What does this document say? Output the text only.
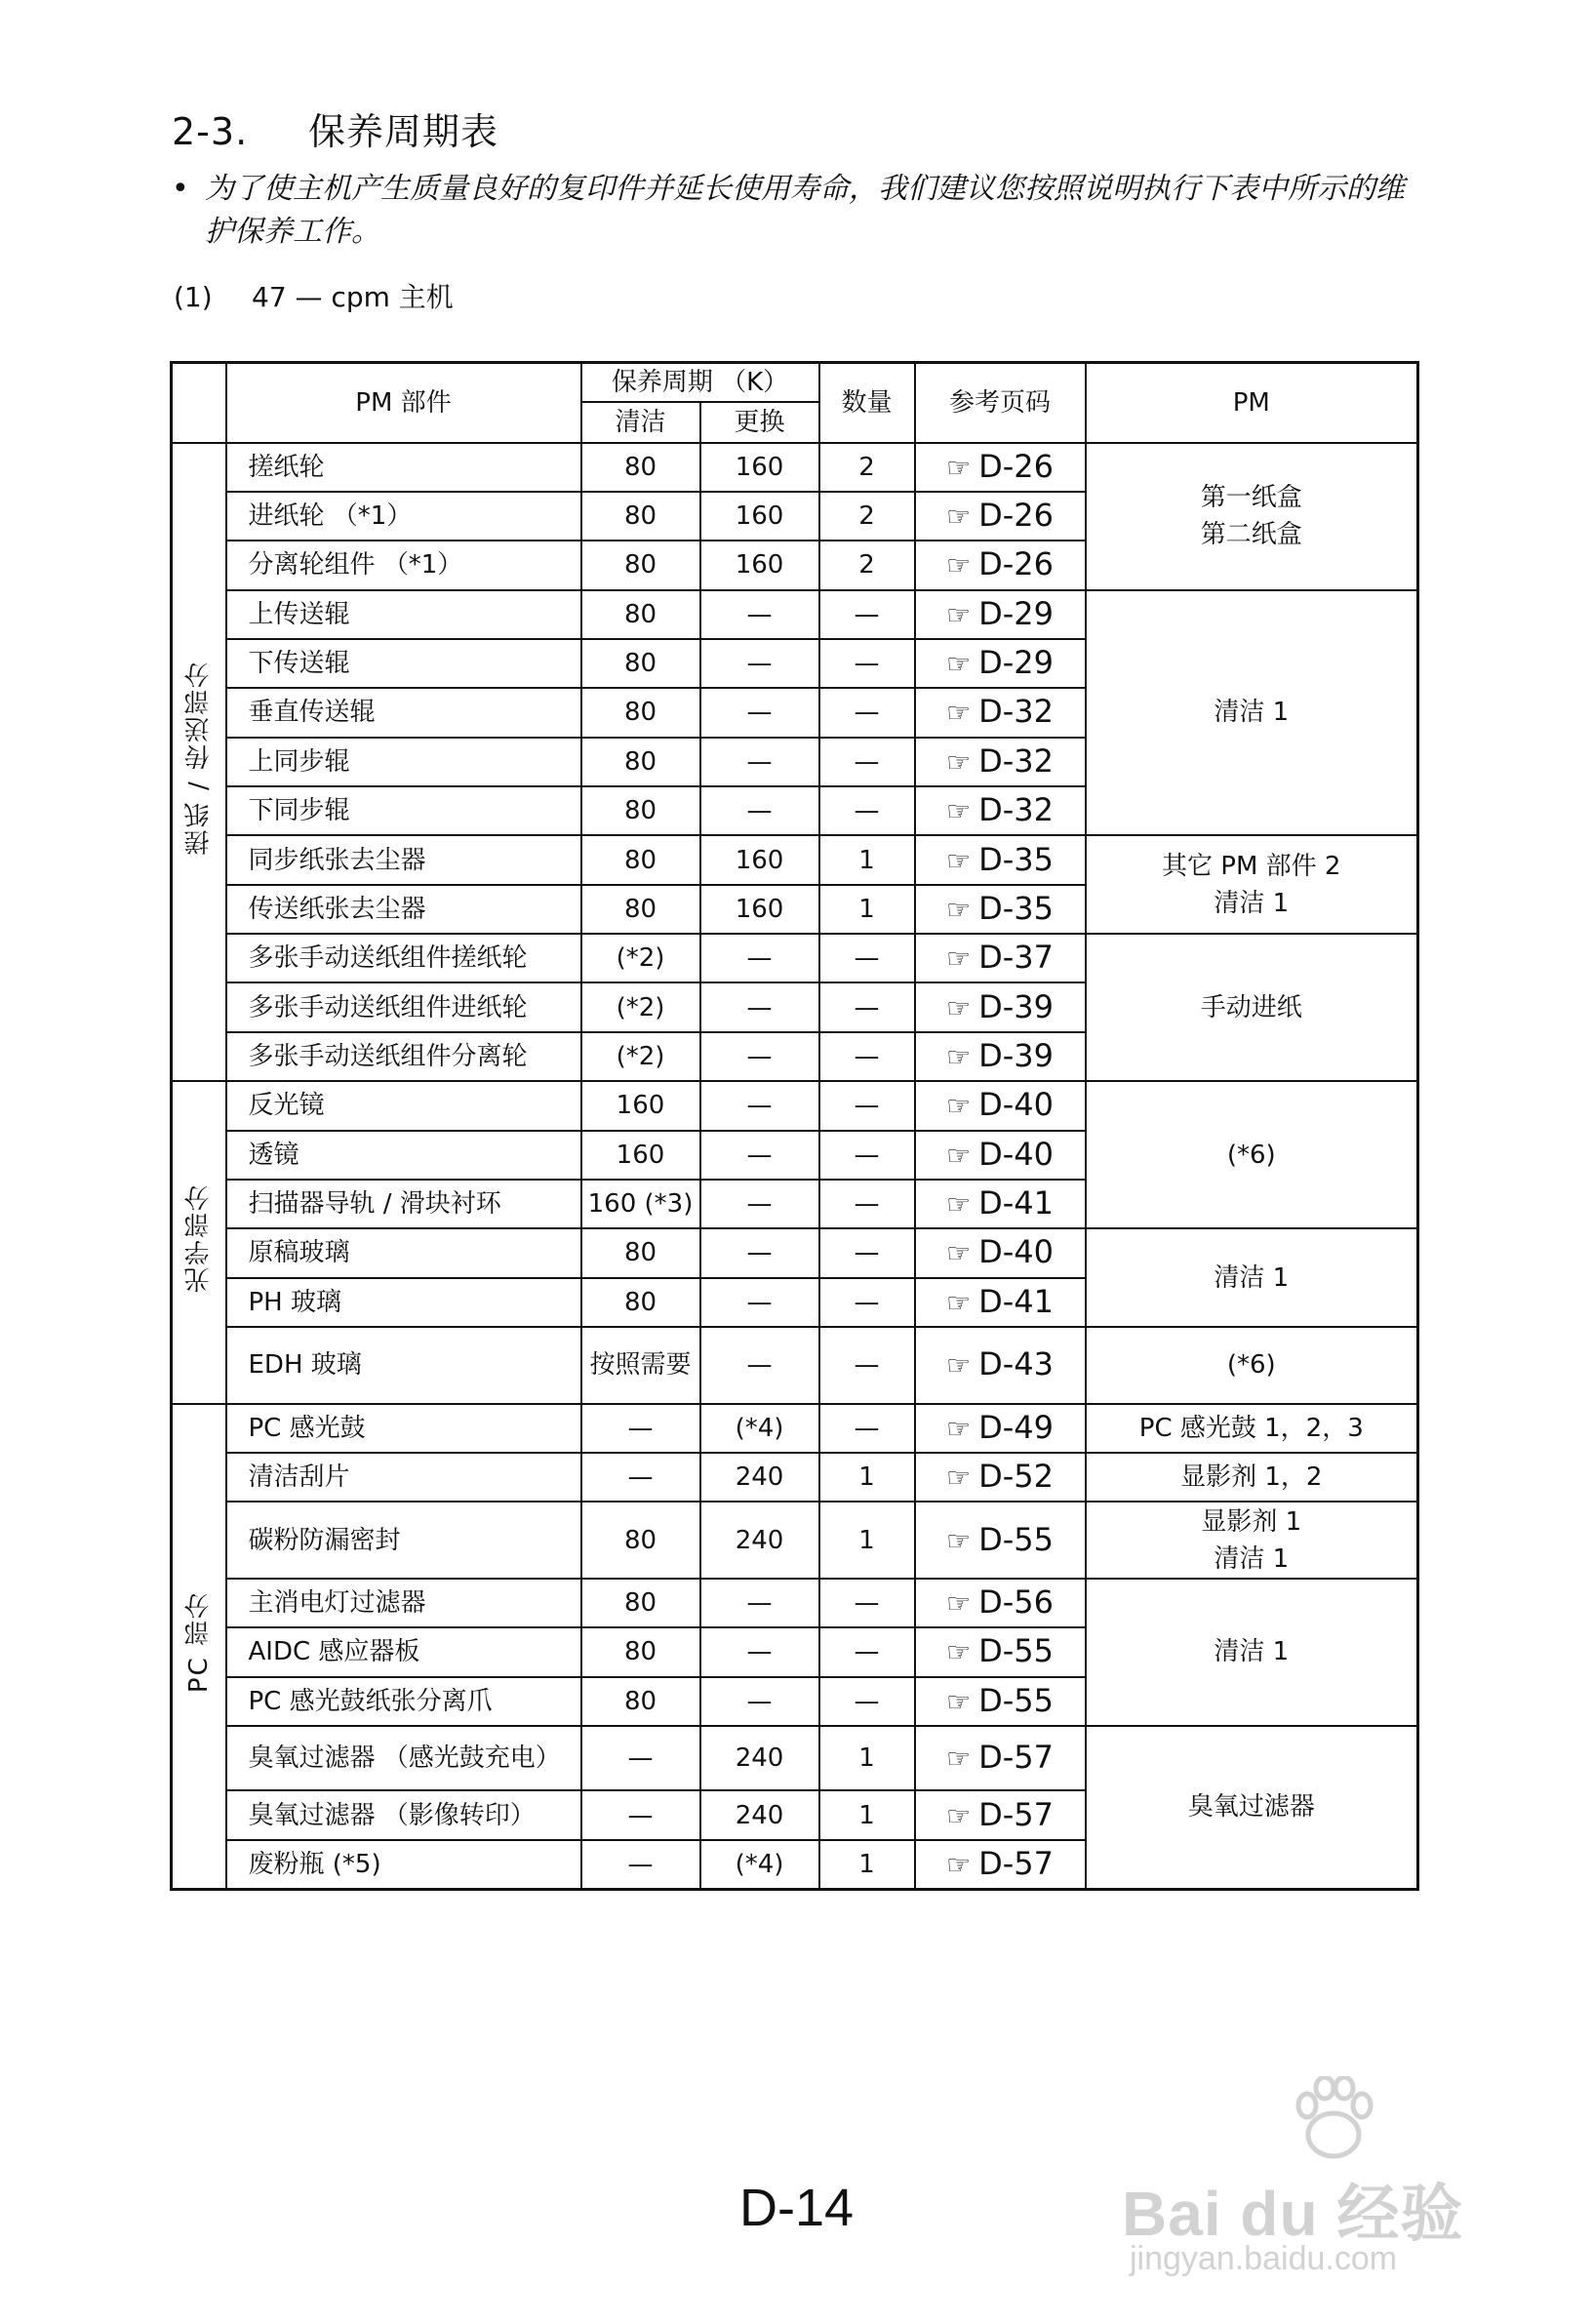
2-3. 保养周期表
• 为了使主机产生质量良好的复印件并延长使用寿命，我们建议您按照说明执行下表中所示的维护保养工作。
(1) 47 — cpm 主机
	PM 部件	保养周期 （K）		数量	参考页码	PM
		清洁	更换			
搓纸 / 传送部分	搓纸轮	80	160	2	☞ D-26	第一纸盒
第二纸盒

	进纸轮 （*1）	80	160	2	☞ D-26	
	分离轮组件 （*1）	80	160	2	☞ D-26	
	上传送辊	80	—	—	☞ D-29	清洁 1

	下传送辊	80	—	—	☞ D-29	
	垂直传送辊	80	—	—	☞ D-32	
	上同步辊	80	—	—	☞ D-32	
	下同步辊	80	—	—	☞ D-32	
	同步纸张去尘器	80	160	1	☞ D-35	其它 PM 部件 2
清洁 1

	传送纸张去尘器	80	160	1	☞ D-35	
	多张手动送纸组件搓纸轮	(*2)	—	—	☞ D-37	手动进纸

	多张手动送纸组件进纸轮	(*2)	—	—	☞ D-39	
	多张手动送纸组件分离轮	(*2)	—	—	☞ D-39	
光学部分	反光镜	160	—	—	☞ D-40	(*6)

	透镜	160	—	—	☞ D-40	
	扫描器导轨 / 滑块衬环	160 (*3)	—	—	☞ D-41	
	原稿玻璃	80	—	—	☞ D-40	清洁 1

	PH 玻璃	80	—	—	☞ D-41	
	EDH 玻璃	按照需要	—	—	☞ D-43	(*6)

PC 部分	PC 感光鼓	—	(*4)	—	☞ D-49	PC 感光鼓 1，2，3

	清洁刮片	—	240	1	☞ D-52	显影剂 1，2

	碳粉防漏密封	80	240	1	☞ D-55	显影剂 1
清洁 1

	主消电灯过滤器	80	—	—	☞ D-56	清洁 1

	AIDC 感应器板	80	—	—	☞ D-55	
	PC 感光鼓纸张分离爪	80	—	—	☞ D-55	
	臭氧过滤器 （感光鼓充电）	—	240	1	☞ D-57	臭氧过滤器

	臭氧过滤器 （影像转印）	—	240	1	☞ D-57	
	废粉瓶 (*5)	—	(*4)	1	☞ D-57	
D-14	Bai du 经验
jingyan.baidu.com
